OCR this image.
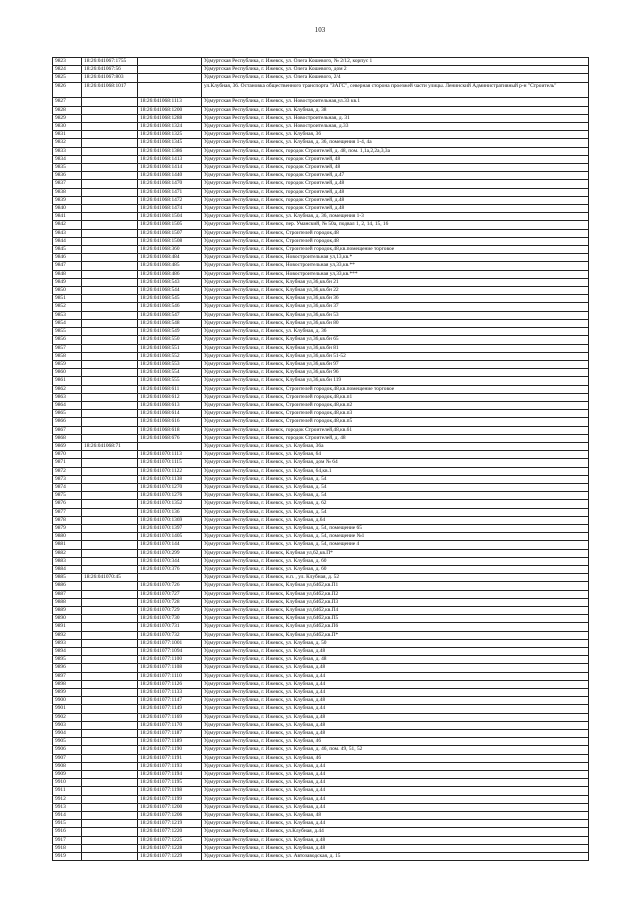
103
9823	18:26:041067:1755		Удмуртская Республика, г. Ижевск, ул. Олега Кошевого, № 2/12, корпус 1
9824	18:26:041067:56		Удмуртская Республика, г. Ижевск, ул. Олега Кошевого, дом 2
9825	18:26:041067:803		Удмуртская Республика, г. Ижевск, ул. Олега Кошевого, 2/4
9826	18:26:041068:1017		ул.Клубная, 36. Остановка общественного транспорта "ЗАГС", северная сторона проезжей части улицы. Ленинский Административный р-н "Строитель"
9827		18:26:041068:1113	Удмуртская Республика, г. Ижевск, ул. Новостроительная,ул.33 кв.1
9828		18:26:041068:1200	Удмуртская Республика, г. Ижевск, ул. Клубная, д. 38
9829		18:26:041068:1288	Удмуртская Республика, г. Ижевск, ул. Новостроительная, д. 31
9830		18:26:041068:1324	Удмуртская Республика, г. Ижевск, ул. Новостроительная, д.33
9831		18:26:041068:1325	Удмуртская Республика, г. Ижевск, ул. Клубная, 36
9832		18:26:041068:1345	Удмуртская Республика, г. Ижевск, ул. Клубная, д. 36, помещения 1-4, 4а
9833		18:26:041068:1386	Удмуртская Республика, г. Ижевск, городок Строителей, д. 48, пом. 1,1а,2,2а,3,3а
9834		18:26:041068:1413	Удмуртская Республика, г. Ижевск, городок Строителей, 48
9835		18:26:041068:1414	Удмуртская Республика, г. Ижевск, городок Строителей, 48
9836		18:26:041068:1440	Удмуртская Республика, г. Ижевск, городок Строителей, д.47
9837		18:26:041068:1470	Удмуртская Республика, г. Ижевск, городок Строителей, д.48
9838		18:26:041068:1471	Удмуртская Республика, г. Ижевск, городок Строителей, д.48
9839		18:26:041068:1472	Удмуртская Республика, г. Ижевск, городок Строителей, д.48
9840		18:26:041068:1474	Удмуртская Республика, г. Ижевск, городок Строителей, д.48
9841		18:26:041068:1504	Удмуртская Республика, г. Ижевск, ул. Клубная, д. 36, помещения 1-3
9842		18:26:041068:1505	Удмуртская Республика, г. Ижевск, пер. Уманский, № 50а, подвал 1, 2, 14, 15, 16
9843		18:26:041068:1507	Удмуртская Республика, г. Ижевск, Строителей городок,48
9844		18:26:041068:1508	Удмуртская Республика, г. Ижевск, Строителей городок,48
9845		18:26:041068:360	Удмуртская Республика, г. Ижевск, Строителей городок,48,кв.помещение торговое
9846		18:26:041068:484	Удмуртская Республика, г. Ижевск, Новостроительная ул,13,кв.*
9847		18:26:041068:485	Удмуртская Республика, г. Ижевск, Новостроительная ул,33,кв.**
9848		18:26:041068:486	Удмуртская Республика, г. Ижевск, Новостроительная ул,33,кв.***
9849		18:26:041068:543	Удмуртская Республика, г. Ижевск, Клубная ул,36,кв.бн 21
9850		18:26:041068:544	Удмуртская Республика, г. Ижевск, Клубная ул,36,кв.бн 22
9851		18:26:041068:545	Удмуртская Республика, г. Ижевск, Клубная ул,36,кв.бн 36
9852		18:26:041068:546	Удмуртская Республика, г. Ижевск, Клубная ул,36,кв.бн 37
9853		18:26:041068:547	Удмуртская Республика, г. Ижевск, Клубная ул,36,кв.бн 53
9854		18:26:041068:548	Удмуртская Республика, г. Ижевск, Клубная ул,36,кв.бн 80
9855		18:26:041068:549	Удмуртская Республика, г. Ижевск, ул. Клубная, д. 36
9856		18:26:041068:550	Удмуртская Республика, г. Ижевск, Клубная ул,36,кв.бн 65
9857		18:26:041068:551	Удмуртская Республика, г. Ижевск, Клубная ул,36,кв.бн 81
9858		18:26:041068:552	Удмуртская Республика, г. Ижевск, Клубная ул,36,кв.бн 51-52
9859		18:26:041068:553	Удмуртская Республика, г. Ижевск, Клубная ул,36,кв.бн 97
9860		18:26:041068:554	Удмуртская Республика, г. Ижевск, Клубная ул,36,кв.бн 96
9861		18:26:041068:555	Удмуртская Республика, г. Ижевск, Клубная ул,36,кв.бн 119
9862		18:26:041068:611	Удмуртская Республика, г. Ижевск, Строителей городок,48,кв.помещение торговое
9863		18:26:041068:612	Удмуртская Республика, г. Ижевск, Строителей городок,48,кв.п1
9864		18:26:041068:613	Удмуртская Республика, г. Ижевск, Строителей городок,48,кв.п2
9865		18:26:041068:614	Удмуртская Республика, г. Ижевск, Строителей городок,48,кв.п3
9866		18:26:041068:616	Удмуртская Республика, г. Ижевск, Строителей городок,48,кв.п5
9867		18:26:041068:618	Удмуртская Республика, г. Ижевск, городок Строителей,48,кв.61
9868		18:26:041068:676	Удмуртская Республика, г. Ижевск, городок Строителей, д. 48
9869	18:26:041068:71		Удмуртская Республика, г. Ижевск, ул. Клубная, 36а
9870		18:26:041070:1113	Удмуртская Республика, г. Ижевск, ул. Клубная, 64
9871		18:26:041070:1115	Удмуртская Республика, г. Ижевск, ул. Клубная, дом № 64
9872		18:26:041070:1122	Удмуртская Республика, г. Ижевск, ул. Клубная, 64,кв.1
9873		18:26:041070:1138	Удмуртская Республика, г. Ижевск, ул. Клубная, д. 54
9874		18:26:041070:1270	Удмуртская Республика, г. Ижевск, ул. Клубная, д. 54
9875		18:26:041070:1276	Удмуртская Республика, г. Ижевск, ул. Клубная, д. 54
9876		18:26:041070:1352	Удмуртская Республика, г. Ижевск, ул. Клубная, д. 62
9877		18:26:041070:136	Удмуртская Республика, г. Ижевск, ул. Клубная, д. 54
9878		18:26:041070:1369	Удмуртская Республика, г. Ижевск, ул. Клубная, д.64
9879		18:26:041070:1397	Удмуртская Республика, г. Ижевск, ул. Клубная, д. 54, помещение 65
9880		18:26:041070:1405	Удмуртская Республика, г. Ижевск, ул. Клубная, д. 54, помещение №1
9881		18:26:041070:144	Удмуртская Республика, г. Ижевск, ул. Клубная, д. 54, помещение 4
9882		18:26:041070:299	Удмуртская Республика, г. Ижевск, Клубная ул,62,кв.П*
9883		18:26:041070:344	Удмуртская Республика, г. Ижевск, ул. Клубная, д. 60
9884		18:26:041070:376	Удмуртская Республика, г. Ижевск, ул. Клубная, д. 60
9885	18:26:041070:45		Удмуртская Республика, г. Ижевск, н.п. , ул. Клубная, д. 52
9886		18:26:041070:726	Удмуртская Республика, г. Ижевск, Клубная ул,64б2,кв.П1
9887		18:26:041070:727	Удмуртская Республика, г. Ижевск, Клубная ул,64б2,кв.П2
9888		18:26:041070:728	Удмуртская Республика, г. Ижевск, Клубная ул,64б2,кв.П3
9889		18:26:041070:729	Удмуртская Республика, г. Ижевск, Клубная ул,64б2,кв.П4
9890		18:26:041070:730	Удмуртская Республика, г. Ижевск, Клубная ул,64б2,кв.П5
9891		18:26:041070:731	Удмуртская Республика, г. Ижевск, Клубная ул,64б2,кв.П6
9892		18:26:041070:732	Удмуртская Республика, г. Ижевск, Клубная ул,64б2,кв.П*
9893		18:26:041077:1001	Удмуртская Республика, г. Ижевск, ул. Клубная, д. 50
9894		18:26:041077:1094	Удмуртская Республика, г. Ижевск, ул. Клубная, д.48
9895		18:26:041077:1100	Удмуртская Республика, г. Ижевск, ул. Клубная, д. 48
9896		18:26:041077:1108	Удмуртская Республика, г. Ижевск, ул. Клубная, д.48
9897		18:26:041077:1110	Удмуртская Республика, г. Ижевск, ул. Клубная, д.44
9898		18:26:041077:1126	Удмуртская Республика, г. Ижевск, ул. Клубная, д.44
9899		18:26:041077:1133	Удмуртская Республика, г. Ижевск, ул. Клубная, д.44
9900		18:26:041077:1147	Удмуртская Республика, г. Ижевск, ул. Клубная, д.48
9901		18:26:041077:1149	Удмуртская Республика, г. Ижевск, ул. Клубная, д.44
9902		18:26:041077:1169	Удмуртская Республика, г. Ижевск, ул. Клубная, д.48
9903		18:26:041077:1170	Удмуртская Республика, г. Ижевск, ул. Клубная, д.48
9904		18:26:041077:1187	Удмуртская Республика, г. Ижевск, ул. Клубная, д.48
9905		18:26:041077:1189	Удмуртская Республика, г. Ижевск, ул. Клубная, 46
9906		18:26:041077:1190	Удмуртская Республика, г. Ижевск, ул. Клубная, д. 46, пом. 49, 51, 52
9907		18:26:041077:1191	Удмуртская Республика, г. Ижевск, ул. Клубная, 46
9908		18:26:041077:1193	Удмуртская Республика, г. Ижевск, ул. Клубная, д.44
9909		18:26:041077:1194	Удмуртская Республика, г. Ижевск, ул. Клубная, д.44
9910		18:26:041077:1195	Удмуртская Республика, г. Ижевск, ул. Клубная, д.44
9911		18:26:041077:1198	Удмуртская Республика, г. Ижевск, ул. Клубная, д.44
9912		18:26:041077:1199	Удмуртская Республика, г. Ижевск, ул. Клубная, д.44
9913		18:26:041077:1200	Удмуртская Республика, г. Ижевск, ул. Клубная, д.44
9914		18:26:041077:1206	Удмуртская Республика, г. Ижевск, ул. Клубная, 48
9915		18:26:041077:1219	Удмуртская Республика, г. Ижевск, ул. Клубная, д.44
9916		18:26:041077:1220	Удмуртская Республика, г. Ижевск, ул.Клубная, д.44
9917		18:26:041077:1225	Удмуртская Республика, г. Ижевск, ул. Клубная, д.48
9918		18:26:041077:1228	Удмуртская Республика, г. Ижевск, ул. Клубная, д.48
9919		18:26:041077:1229	Удмуртская Республика, г. Ижевск, ул. Автозаводская, д. 15
